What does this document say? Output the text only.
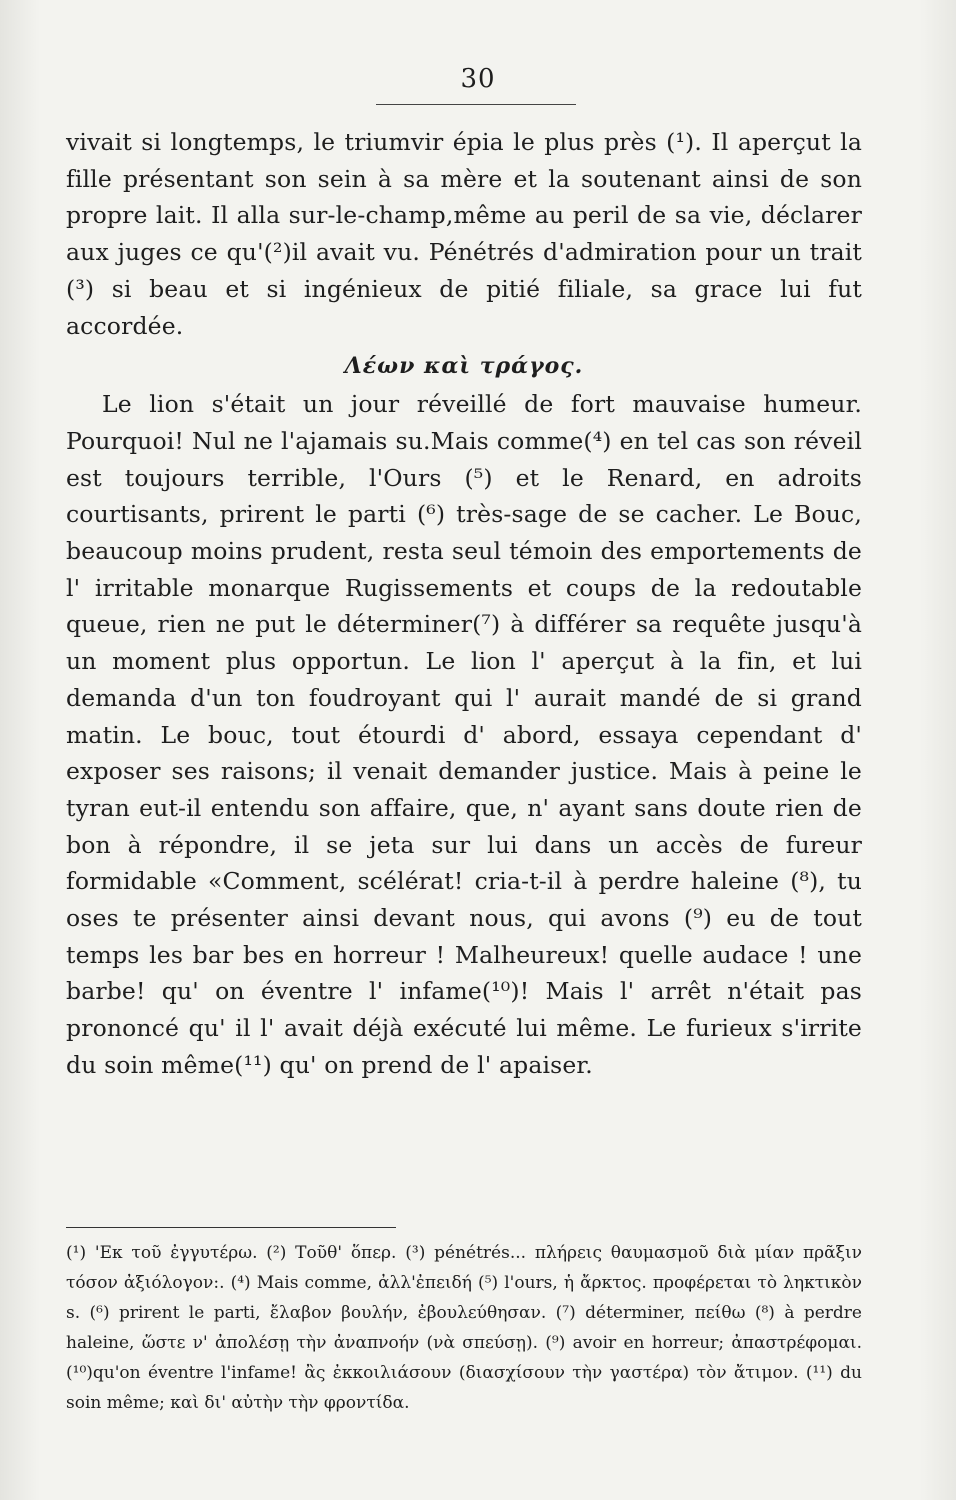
30

vivait si longtemps, le triumvir épia le plus près (¹). Il aperçut la fille présentant son sein à sa mère et la soutenant ainsi de son propre lait. Il alla sur-le-champ,même au peril de sa vie, déclarer aux juges ce qu'(²)il avait vu. Pénétrés d'admiration pour un trait (³) si beau et si ingénieux de pitié filiale, sa grace lui fut accordée.

Λέων καὶ τράγος.

Le lion s'était un jour réveillé de fort mauvaise humeur. Pourquoi! Nul ne l'ajamais su.Mais comme(⁴) en tel cas son réveil est toujours terrible, l'Ours (⁵) et le Renard, en adroits courtisants, prirent le parti (⁶) très-sage de se cacher. Le Bouc, beaucoup moins prudent, resta seul témoin des emportements de l' irritable monarque Rugissements et coups de la redoutable queue, rien ne put le déterminer(⁷) à différer sa requête jusqu'à un moment plus opportun. Le lion l' aperçut à la fin, et lui demanda d'un ton foudroyant qui l' aurait mandé de si grand matin. Le bouc, tout étourdi d' abord, essaya cependant d' exposer ses raisons; il venait demander justice. Mais à peine le tyran eut-il entendu son affaire, que, n' ayant sans doute rien de bon à répondre, il se jeta sur lui dans un accès de fureur formidable «Comment, scélérat! cria-t-il à perdre haleine (⁸), tu oses te présenter ainsi devant nous, qui avons (⁹) eu de tout temps les bar bes en horreur ! Malheureux! quelle audace ! une barbe! qu' on éventre l' infame(¹⁰)! Mais l' arrêt n'était pas prononcé qu' il l' avait déjà exécuté lui même. Le furieux s'irrite du soin même(¹¹) qu' on prend de l' apaiser.

(¹) 'Εκ τοῦ ἐγγυτέρω. (²) Τοῦθ' ὅπερ. (³) pénétrés... πλήρεις θαυμασμοῦ διὰ μίαν πρᾶξιν τόσον ἀξιόλογον:. (⁴) Mais comme, ἀλλ'ἐπειδή (⁵) l'ours, ἡ ἄρκτος. προφέρεται τὸ ληκτικὸν s. (⁶) prirent le parti, ἔλαβον βουλήν, ἐβουλεύθησαν. (⁷) déterminer, πείθω (⁸) à perdre haleine, ὥστε ν' ἀπολέσῃ τὴν ἀναπνοήν (νὰ σπεύσῃ). (⁹) avoir en horreur; ἀπαστρέφομαι. (¹⁰)qu'on éventre l'infame! ἂς ἐκκοιλιάσουν (διασχίσουν τὴν γαστέρα) τὸν ἄτιμον. (¹¹) du soin même; καὶ δι' αὐτὴν τὴν φροντίδα.
